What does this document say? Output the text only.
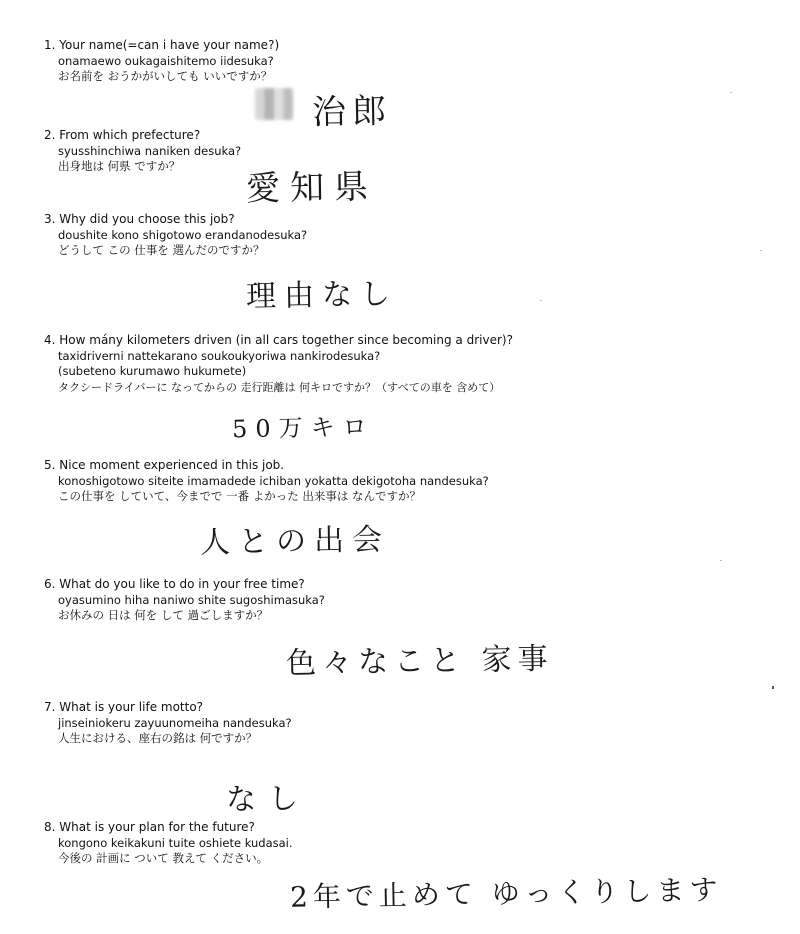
1. Your name(=can i have your name?)
onamaewo oukagaishitemo iidesuka?
お名前を おうかがいしても いいですか？
治郎
2. From which prefecture?
syusshinchiwa naniken desuka?
出身地は 何県 ですか？
愛知県
3. Why did you choose this job?
doushite kono shigotowo erandanodesuka?
どうして この 仕事を 選んだのですか？
理由なし
4. How mány kilometers driven (in all cars together since becoming a driver)?
taxidriverni nattekarano soukoukyoriwa nankirodesuka?
(subeteno kurumawo hukumete)
タクシードライバーに なってからの 走行距離は 何キロですか？（すべての車を 含めて）
50万キロ
5. Nice moment experienced in this job.
konoshigotowo siteite imamadede ichiban yokatta dekigotoha nandesuka?
この仕事を していて、今までで 一番 よかった 出来事は なんですか？
人との出会
6. What do you like to do in your free time?
oyasumino hiha naniwo shite sugoshimasuka?
お休みの 日は 何を して 過ごしますか？
色々なこと 家事
7. What is your life motto?
jinseiniokeru zayuunomeiha nandesuka?
人生における、座右の銘は 何ですか？
なし
8. What is your plan for the future?
kongono keikakuni tuite oshiete kudasai.
今後の 計画に ついて 教えて ください。
2年で止めて ゆっくりします
